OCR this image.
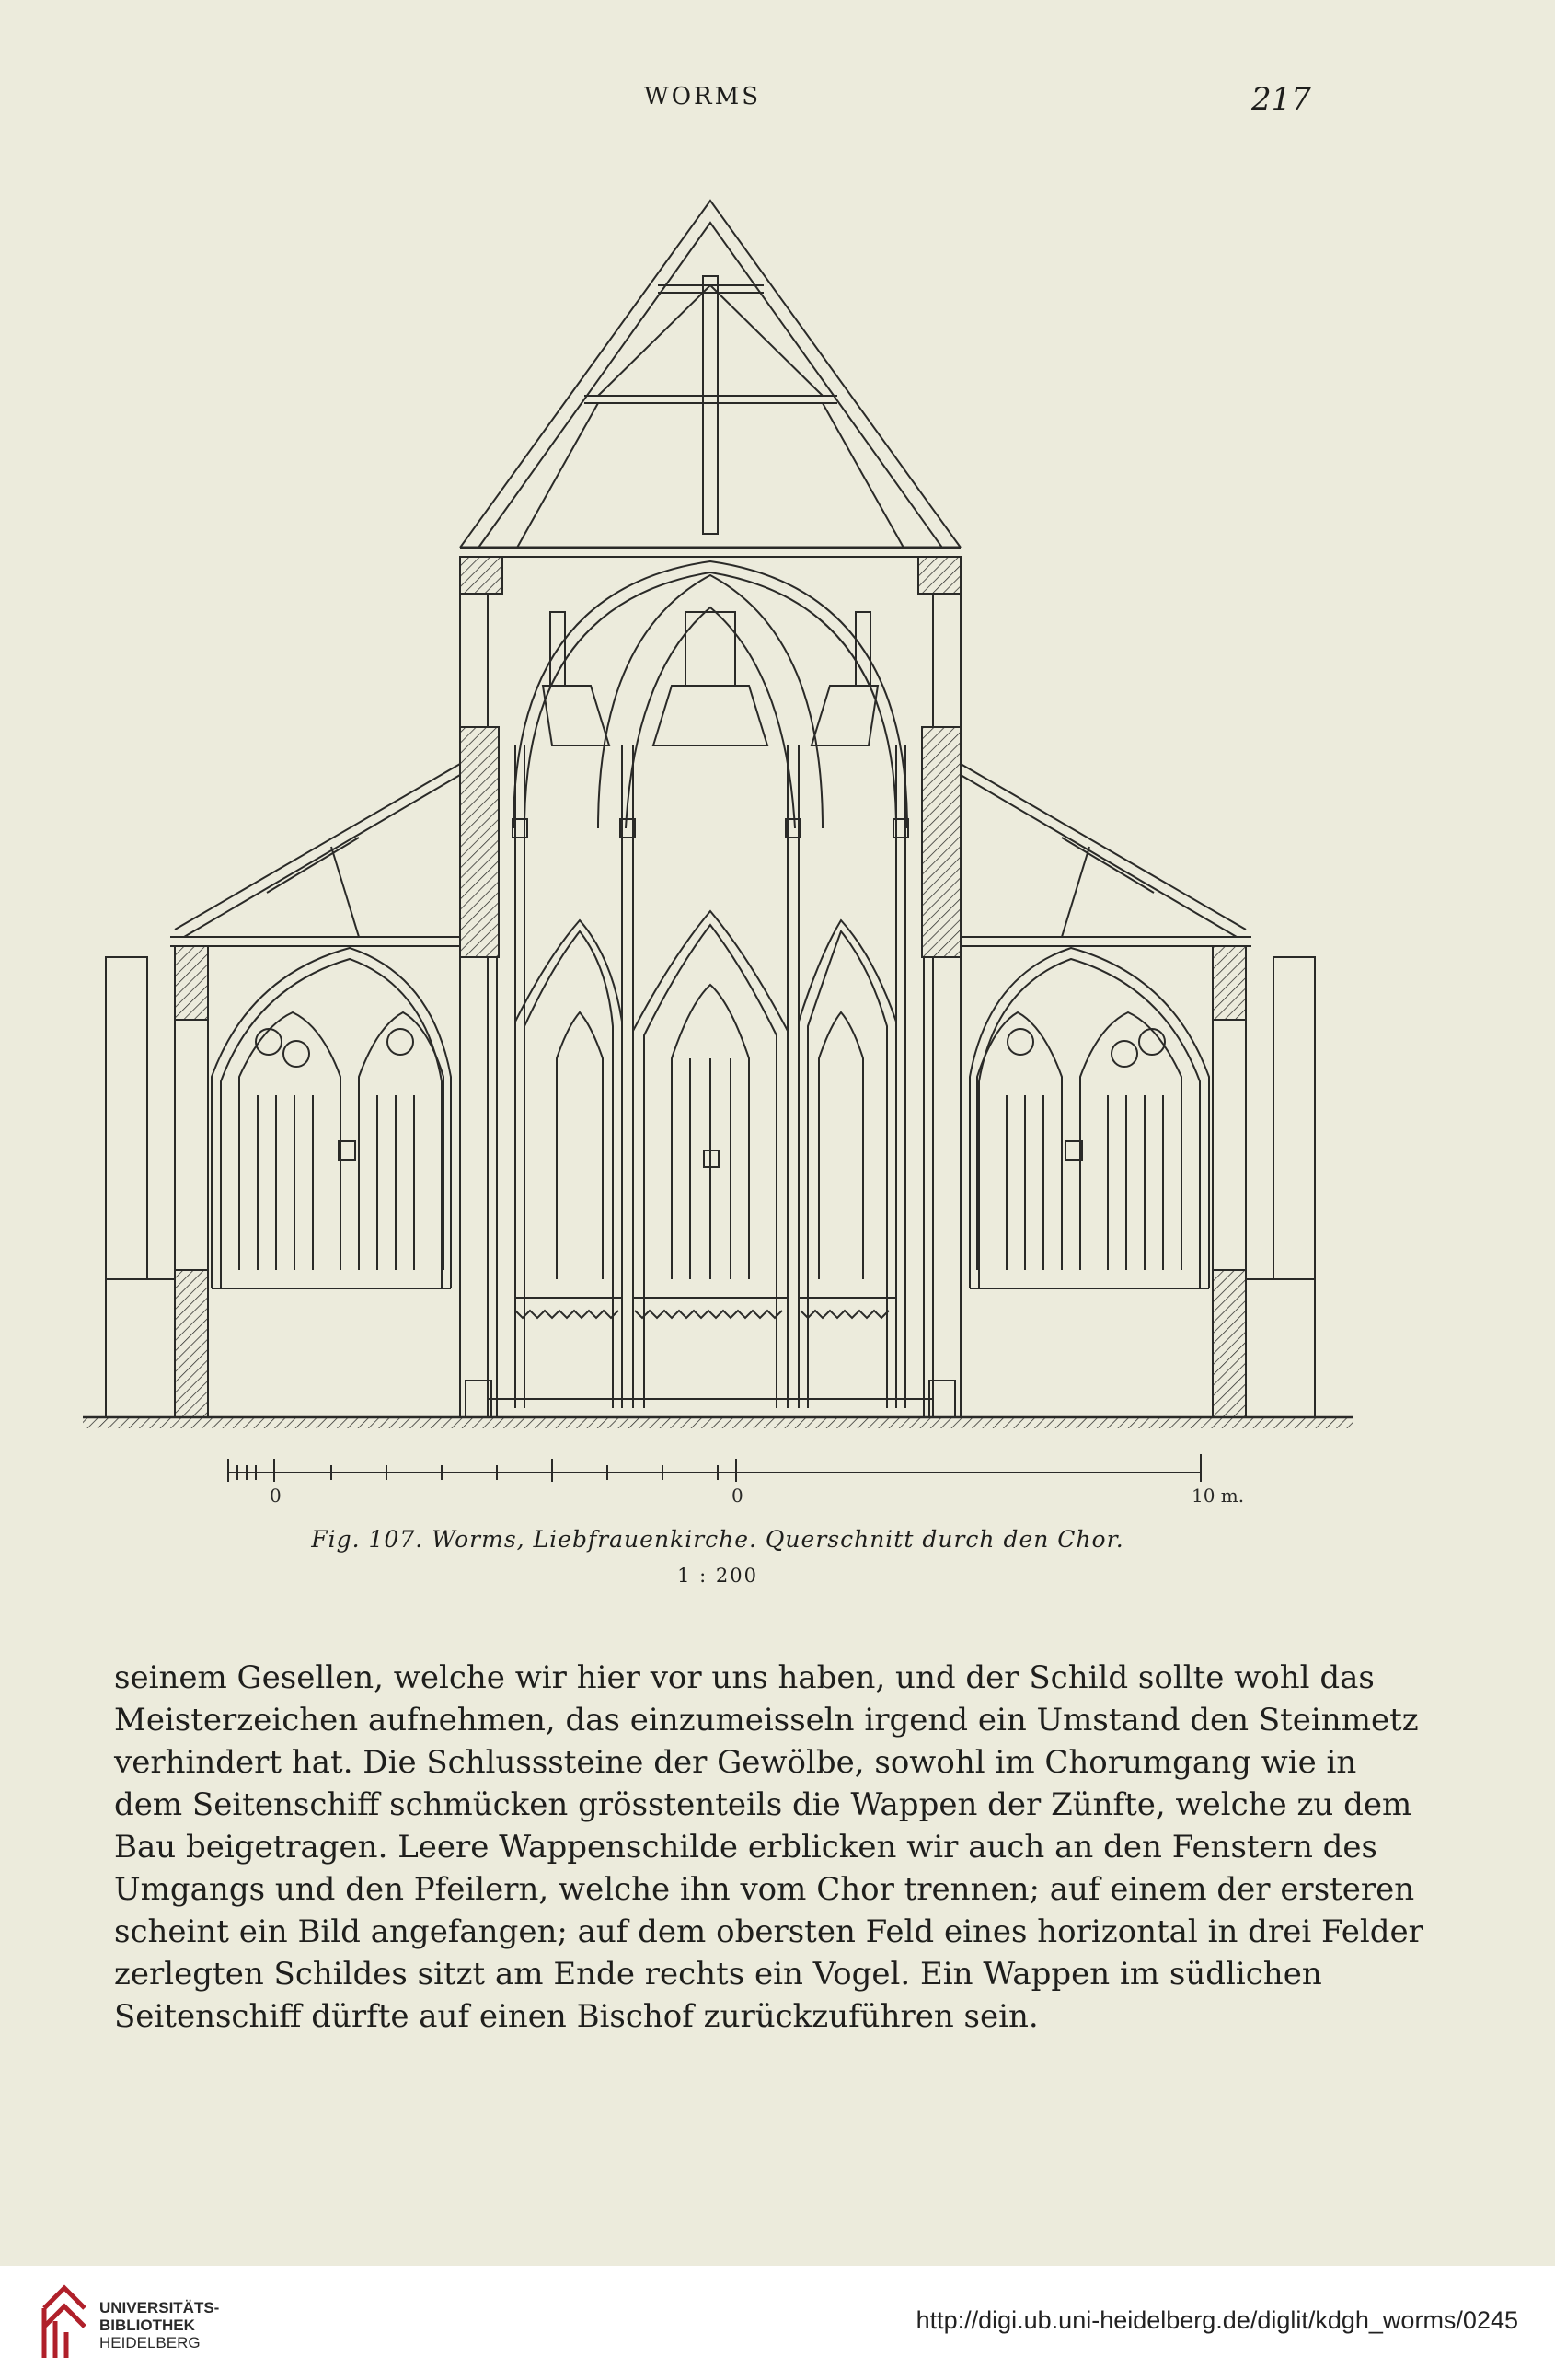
WORMS	217
0	0	10 m.
Fig. 107. Worms, Liebfrauenkirche. Querschnitt durch den Chor.
1 : 200
seinem Gesellen, welche wir hier vor uns haben, und der Schild sollte wohl das
Meisterzeichen aufnehmen, das einzumeisseln irgend ein Umstand den Steinmetz
verhindert hat. Die Schlusssteine der Gewölbe, sowohl im Chorumgang wie in
dem Seitenschiff schmücken grösstenteils die Wappen der Zünfte, welche zu dem
Bau beigetragen. Leere Wappenschilde erblicken wir auch an den Fenstern des
Umgangs und den Pfeilern, welche ihn vom Chor trennen; auf einem der ersteren
scheint ein Bild angefangen; auf dem obersten Feld eines horizontal in drei Felder
zerlegten Schildes sitzt am Ende rechts ein Vogel. Ein Wappen im südlichen
Seitenschiff dürfte auf einen Bischof zurückzuführen sein.
UNIVERSITÄTS-
BIBLIOTHEK
HEIDELBERG
http://digi.ub.uni-heidelberg.de/diglit/kdgh_worms/0245
